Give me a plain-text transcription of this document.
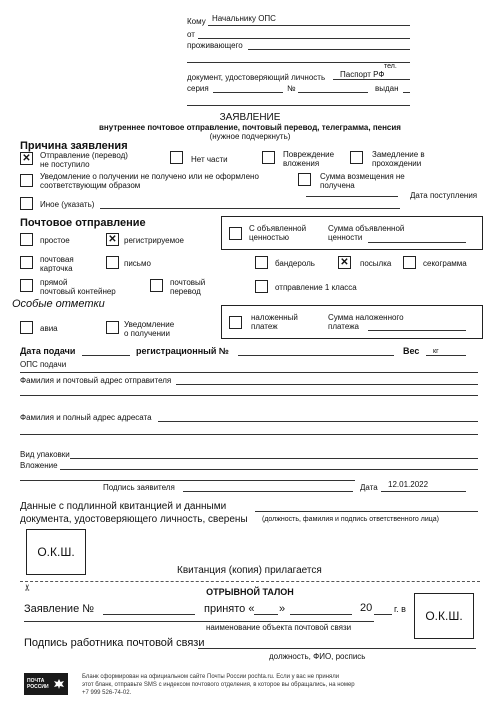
Кому Начальнику ОПС
от
проживающего
тел.
документ, удостоверяющий личность Паспорт РФ
серия	№	выдан
ЗАЯВЛЕНИЕ
внутреннее почтовое отправление, почтовый перевод, телеграмма, пенсия
(нужное подчеркнуть)
Причина заявления
✕ Отправление (перевод)
не поступило
Нет части
Повреждение
вложения
Замедление в
прохождении
Уведомление о получении не получено или не оформлено
соответствующим образом
Сумма возмещения не
получена
Иное (указать)
Дата поступления
Почтовое отправление
простое	✕ регистрируемое
С объявленной
ценностью
Сумма объявленной
ценности
почтовая
карточка
письмо	бандероль	✕ посылка	секограмма
прямой
почтовый контейнер
почтовый
перевод	отправление 1 класса
Особые отметки
авиа	Уведомление
о получении
наложенный
платеж
Сумма наложенного
платежа
Дата подачи	регистрационный №	Вес кг
ОПС подачи
Фамилия и почтовый адрес отправителя
Фамилия и полный адрес адресата
Вид упаковки
Вложение
Подпись заявителя	Дата 12.01.2022
Данные с подлинной квитанцией и данными
документа, удостоверяющего личность, сверены (должность, фамилия и подпись ответственного лица)
О.К.Ш.
Квитанция (копия) прилагается
✂	ОТРЫВНОЙ ТАЛОН
Заявление №	принято « »	20 г. в
наименование объекта почтовой связи
О.К.Ш.
Подпись работника почтовой связи
должность, ФИО, роспись
ПОЧТА
РОССИИ
Бланк сформирован на официальном сайте Почты России pochta.ru. Если у вас не приняли
этот бланк, отправьте SMS с индексом почтового отделения, в которое вы обращались, на номер
+7 999 526-74-02.
